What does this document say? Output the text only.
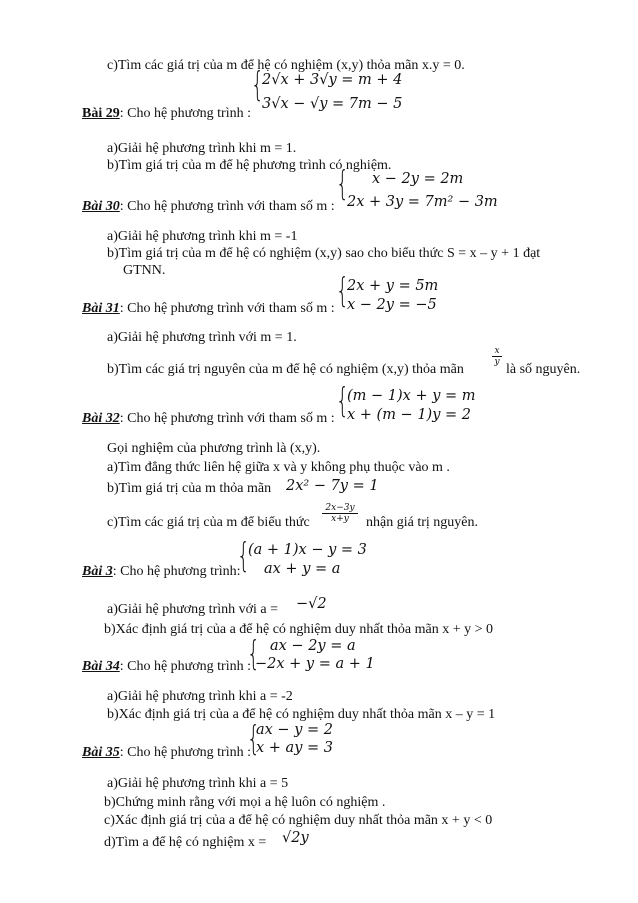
c)Tìm các giá trị của m để hệ có nghiệm (x,y) thỏa mãn x.y = 0.
{
2√x + 3√y = m + 4
3√x − √y = 7m − 5
Bài 29: Cho hệ phương trình :
a)Giải hệ phương trình khi m = 1.
b)Tìm giá trị của m để hệ phương trình có nghiệm.
{ x − 2y = 2m
2x + 3y = 7m² − 3m
Bài 30: Cho hệ phương trình với tham số m :
a)Giải hệ phương trình khi m = -1
b)Tìm giá trị của m để hệ có nghiệm (x,y) sao cho biểu thức S = x – y + 1 đạt
GTNN.
{
2x + y = 5m
x − 2y = −5
Bài 31: Cho hệ phương trình với tham số m :
a)Giải hệ phương trình với m = 1.
b)Tìm các giá trị nguyên của m để hệ có nghiệm (x,y) thỏa mãn
$\frac{x}{y}$
là số nguyên.
{
(m − 1)x + y = m
x + (m − 1)y = 2
Bài 32: Cho hệ phương trình với tham số m :
Gọi nghiệm của phương trình là (x,y).
a)Tìm đẳng thức liên hệ giữa x và y không phụ thuộc vào m .
b)Tìm giá trị của m thỏa mãn 2x² − 7y = 1
c)Tìm các giá trị của m để biểu thức $\frac{2x-3y}{x+y}$ nhận giá trị nguyên.
{
(a + 1)x − y = 3
ax + y = a
Bài 3: Cho hệ phương trình:
a)Giải hệ phương trình với a = −√2
b)Xác định giá trị của a để hệ có nghiệm duy nhất thỏa mãn x + y > 0
{ ax − 2y = a
−2x + y = a + 1
Bài 34: Cho hệ phương trình :
a)Giải hệ phương trình khi a = -2
b)Xác định giá trị của a để hệ có nghiệm duy nhất thỏa mãn x – y = 1
{
ax − y = 2
x + ay = 3
Bài 35: Cho hệ phương trình :
a)Giải hệ phương trình khi a = 5
b)Chứng minh rằng với mọi a hệ luôn có nghiệm .
c)Xác định giá trị của a để hệ có nghiệm duy nhất thỏa mãn x + y < 0
d)Tìm a để hệ có nghiệm x = √2y
